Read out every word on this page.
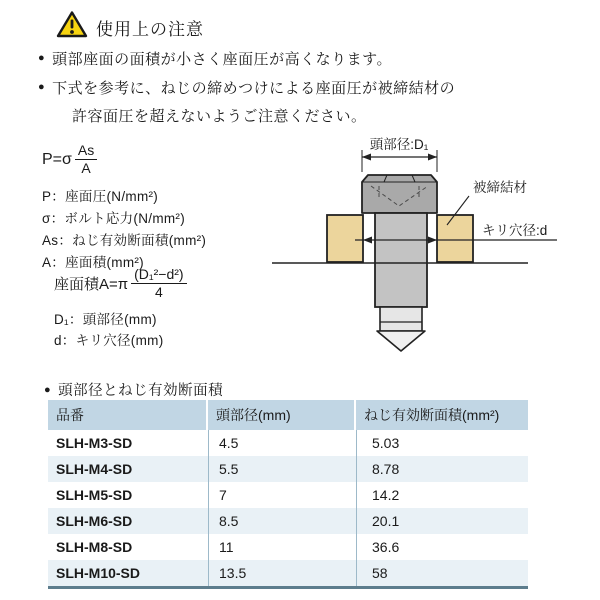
使用上の注意
● 頭部座面の面積が小さく座面圧が高くなります。
● 下式を参考に、ねじの締めつけによる座面圧が被締結材の
許容面圧を超えないようご注意ください。
$P=\sigma \frac{As}{A}$
P：座面圧(N/mm²)
σ：ボルト応力(N/mm²)
As：ねじ有効断面積(mm²)
A：座面積(mm²)
座面積$A=\pi \frac{\text{(D₁²−d²)}}{4}$
D₁：頭部径(mm)
d：キリ穴径(mm)
頭部径:D₁
被締結材
キリ穴径:d
● 頭部径とねじ有効断面積
品番	頭部径(mm)	ねじ有効断面積(mm²)
SLH-M3-SD	4.5	5.03
SLH-M4-SD	5.5	8.78
SLH-M5-SD	7	14.2
SLH-M6-SD	8.5	20.1
SLH-M8-SD	11	36.6
SLH-M10-SD	13.5	58
